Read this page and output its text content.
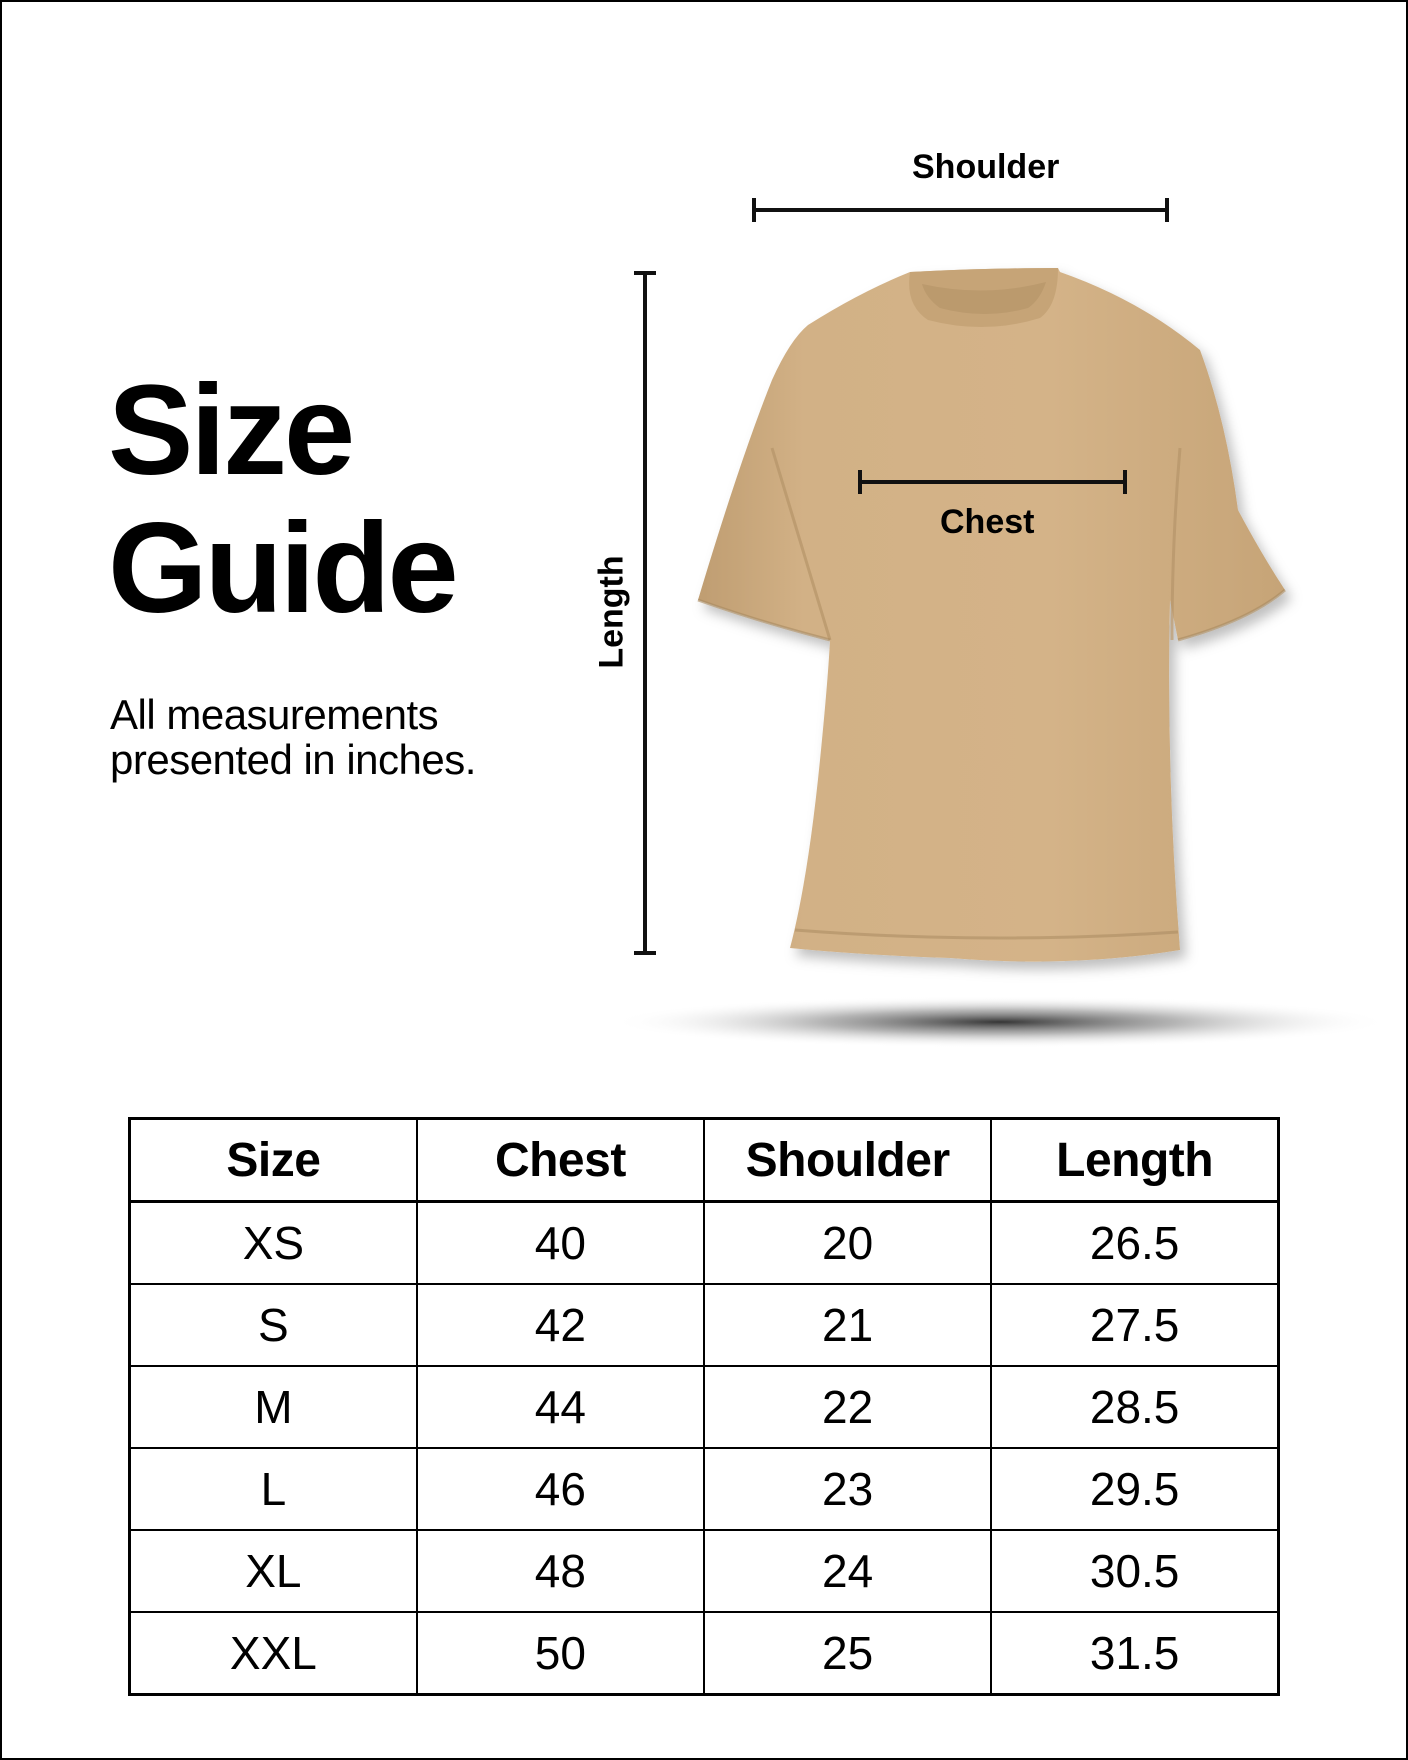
Size
Guide

All measurements presented in inches.

Shoulder
Chest
Length
Size	Chest	Shoulder	Length
XS	40	20	26.5
S	42	21	27.5
M	44	22	28.5
L	46	23	29.5
XL	48	24	30.5
XXL	50	25	31.5
